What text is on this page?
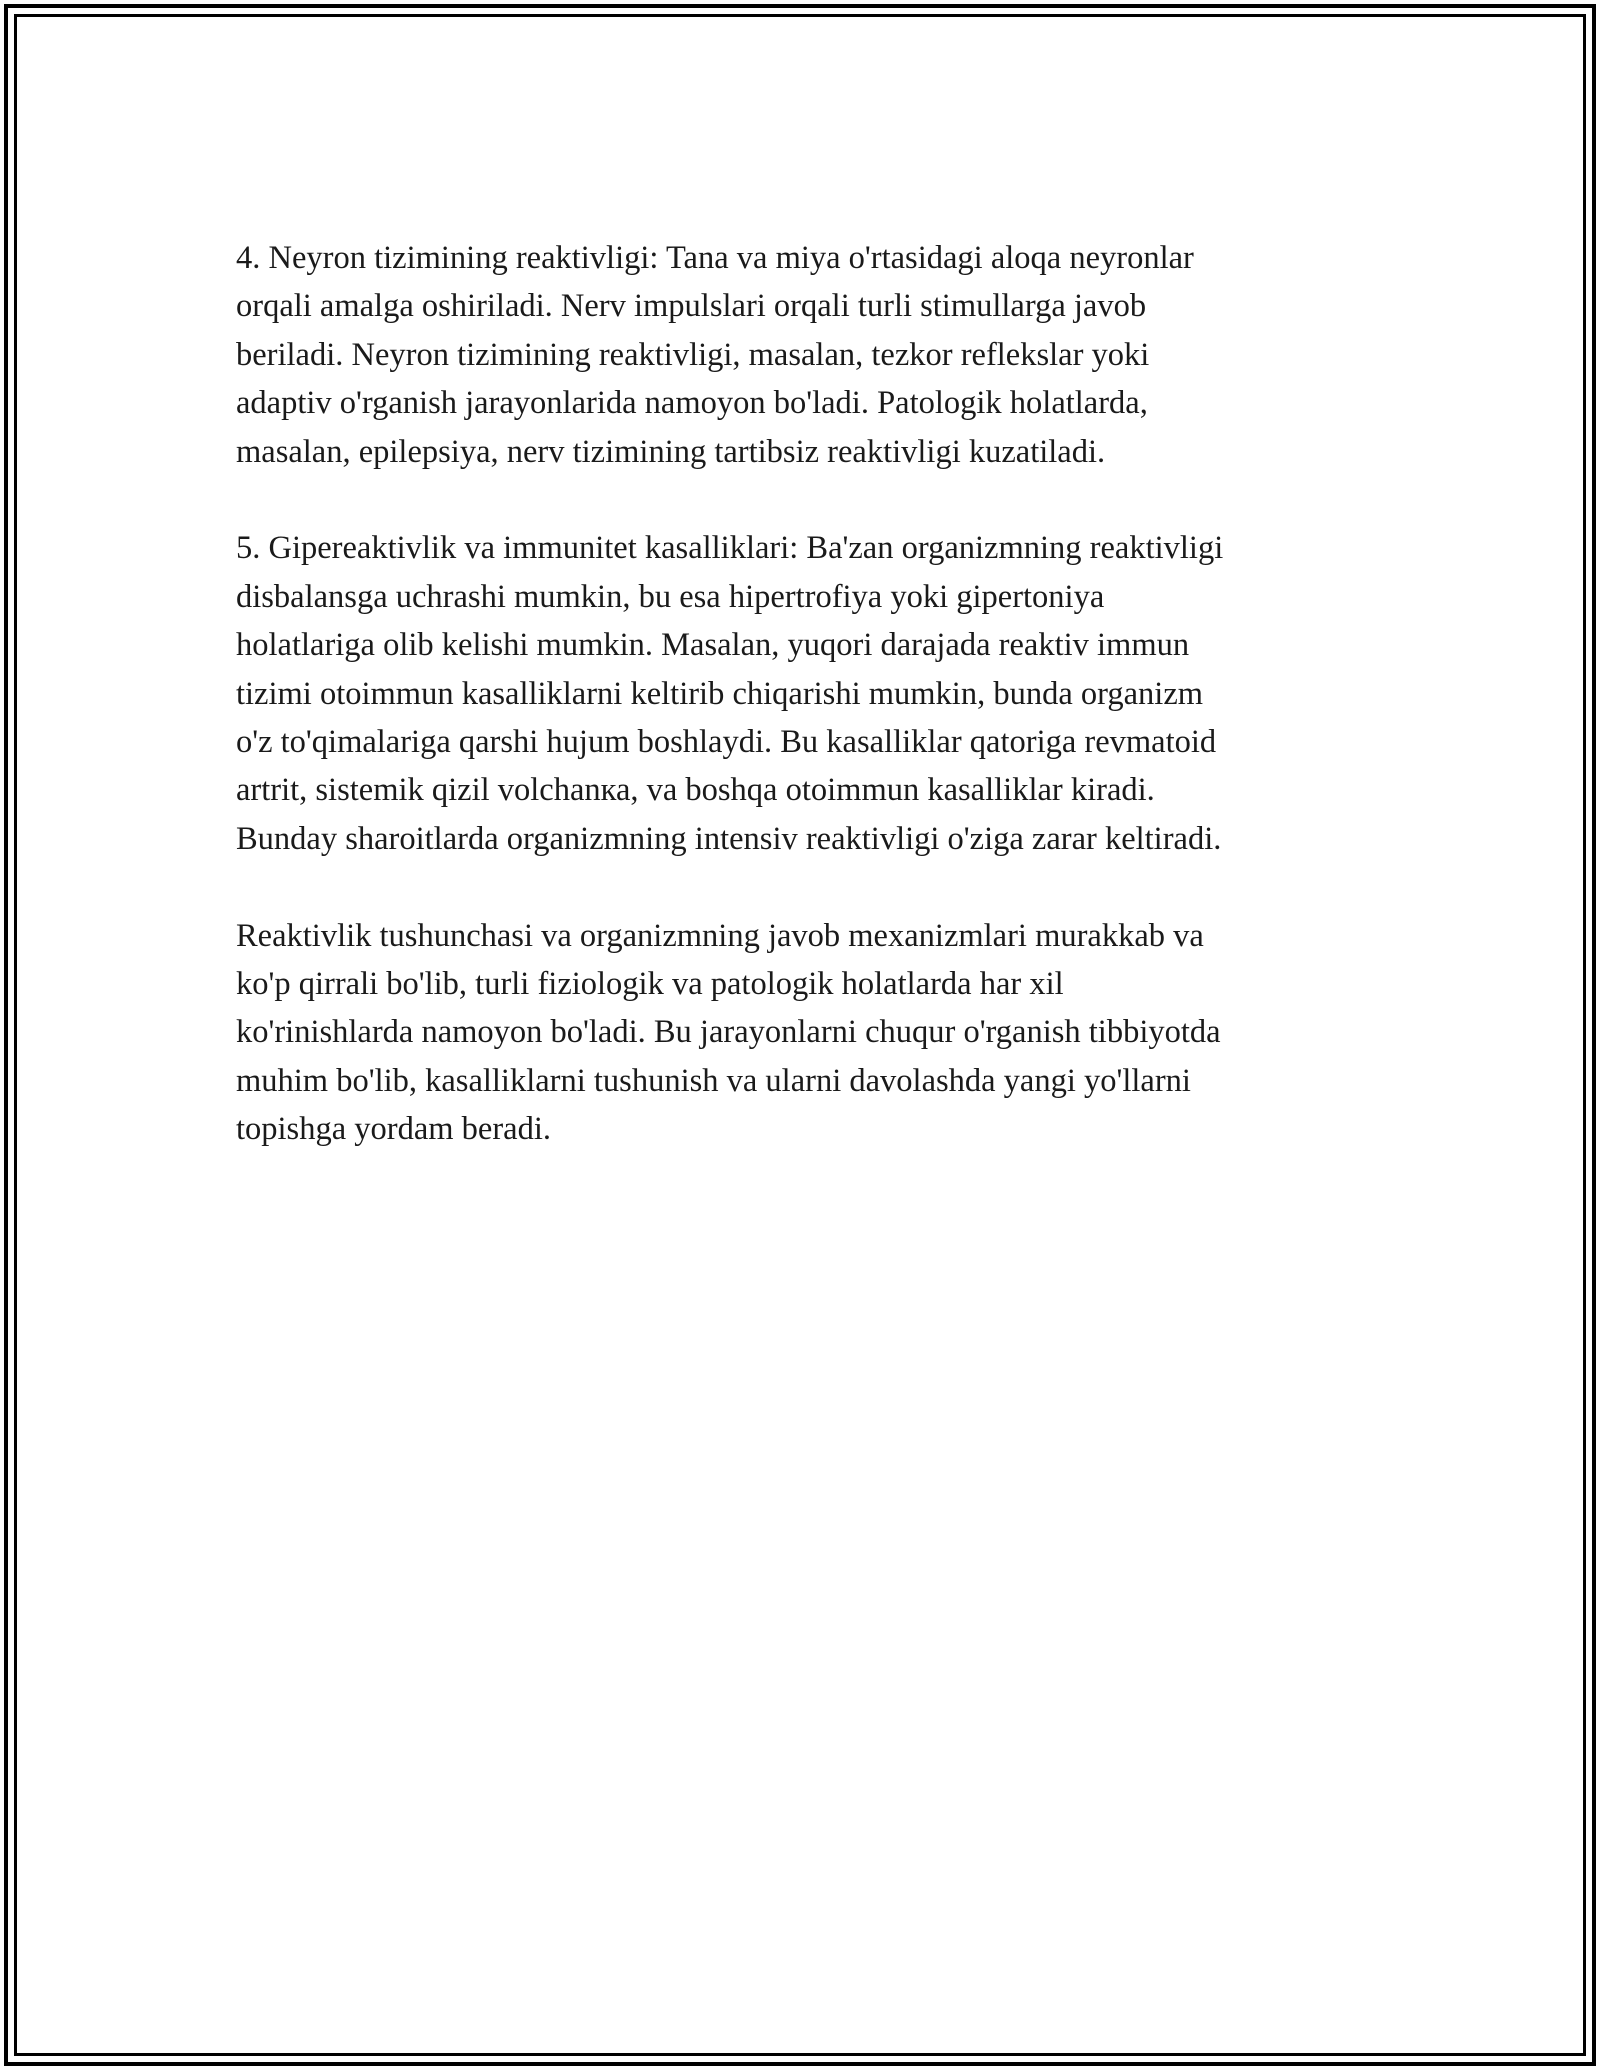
4. Neyron tizimining reaktivligi: Tana va miya o'rtasidagi aloqa neyronlar
orqali amalga oshiriladi. Nerv impulslari orqali turli stimullarga javob
beriladi. Neyron tizimining reaktivligi, masalan, tezkor reflekslar yoki
adaptiv o'rganish jarayonlarida namoyon bo'ladi. Patologik holatlarda,
masalan, epilepsiya, nerv tizimining tartibsiz reaktivligi kuzatiladi.

5. Gipereaktivlik va immunitet kasalliklari: Ba'zan organizmning reaktivligi
disbalansga uchrashi mumkin, bu esa hipertrofiya yoki gipertoniya
holatlariga olib kelishi mumkin. Masalan, yuqori darajada reaktiv immun
tizimi otoimmun kasalliklarni keltirib chiqarishi mumkin, bunda organizm
o'z to'qimalariga qarshi hujum boshlaydi. Bu kasalliklar qatoriga revmatoid
artrit, sistemik qizil volchanка, va boshqa otoimmun kasalliklar kiradi.
Bunday sharoitlarda organizmning intensiv reaktivligi o'ziga zarar keltiradi.

Reaktivlik tushunchasi va organizmning javob mexanizmlari murakkab va
ko'p qirrali bo'lib, turli fiziologik va patologik holatlarda har xil
ko'rinishlarda namoyon bo'ladi. Bu jarayonlarni chuqur o'rganish tibbiyotda
muhim bo'lib, kasalliklarni tushunish va ularni davolashda yangi yo'llarni
topishga yordam beradi.
